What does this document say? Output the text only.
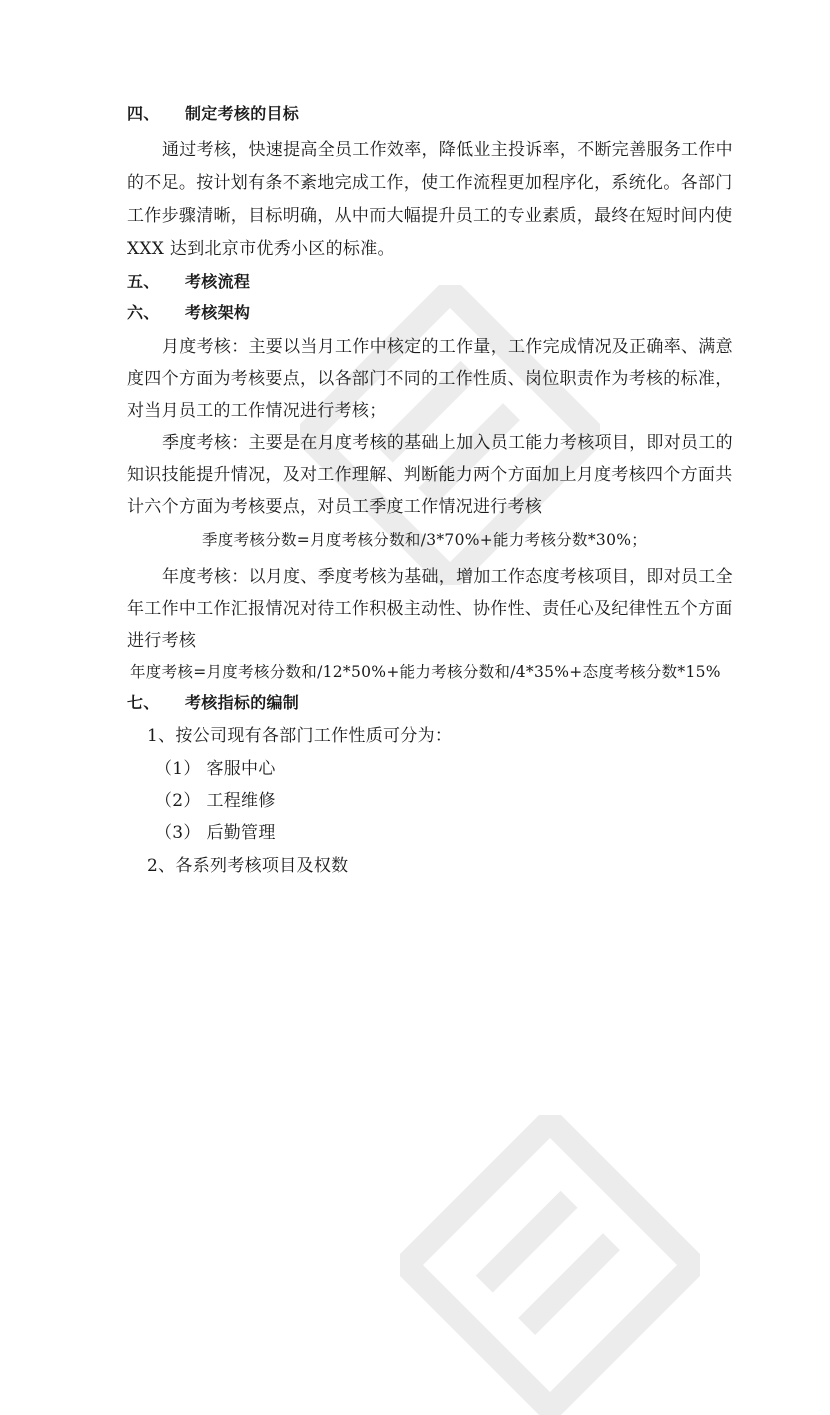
四、 制定考核的目标
通过考核，快速提高全员工作效率，降低业主投诉率，不断完善服务工作中
的不足。按计划有条不紊地完成工作，使工作流程更加程序化，系统化。各部门
工作步骤清晰，目标明确，从中而大幅提升员工的专业素质，最终在短时间内使
XXX 达到北京市优秀小区的标准。
五、 考核流程
六、 考核架构
月度考核：主要以当月工作中核定的工作量，工作完成情况及正确率、满意
度四个方面为考核要点，以各部门不同的工作性质、岗位职责作为考核的标准，
对当月员工的工作情况进行考核；
季度考核：主要是在月度考核的基础上加入员工能力考核项目，即对员工的
知识技能提升情况，及对工作理解、判断能力两个方面加上月度考核四个方面共
计六个方面为考核要点，对员工季度工作情况进行考核
季度考核分数=月度考核分数和/3*70%+能力考核分数*30%；
年度考核：以月度、季度考核为基础，增加工作态度考核项目，即对员工全
年工作中工作汇报情况对待工作积极主动性、协作性、责任心及纪律性五个方面
进行考核
年度考核=月度考核分数和/12*50%+能力考核分数和/4*35%+态度考核分数*15%
七、 考核指标的编制
1、按公司现有各部门工作性质可分为：
（1） 客服中心
（2） 工程维修
（3） 后勤管理
2、各系列考核项目及权数
